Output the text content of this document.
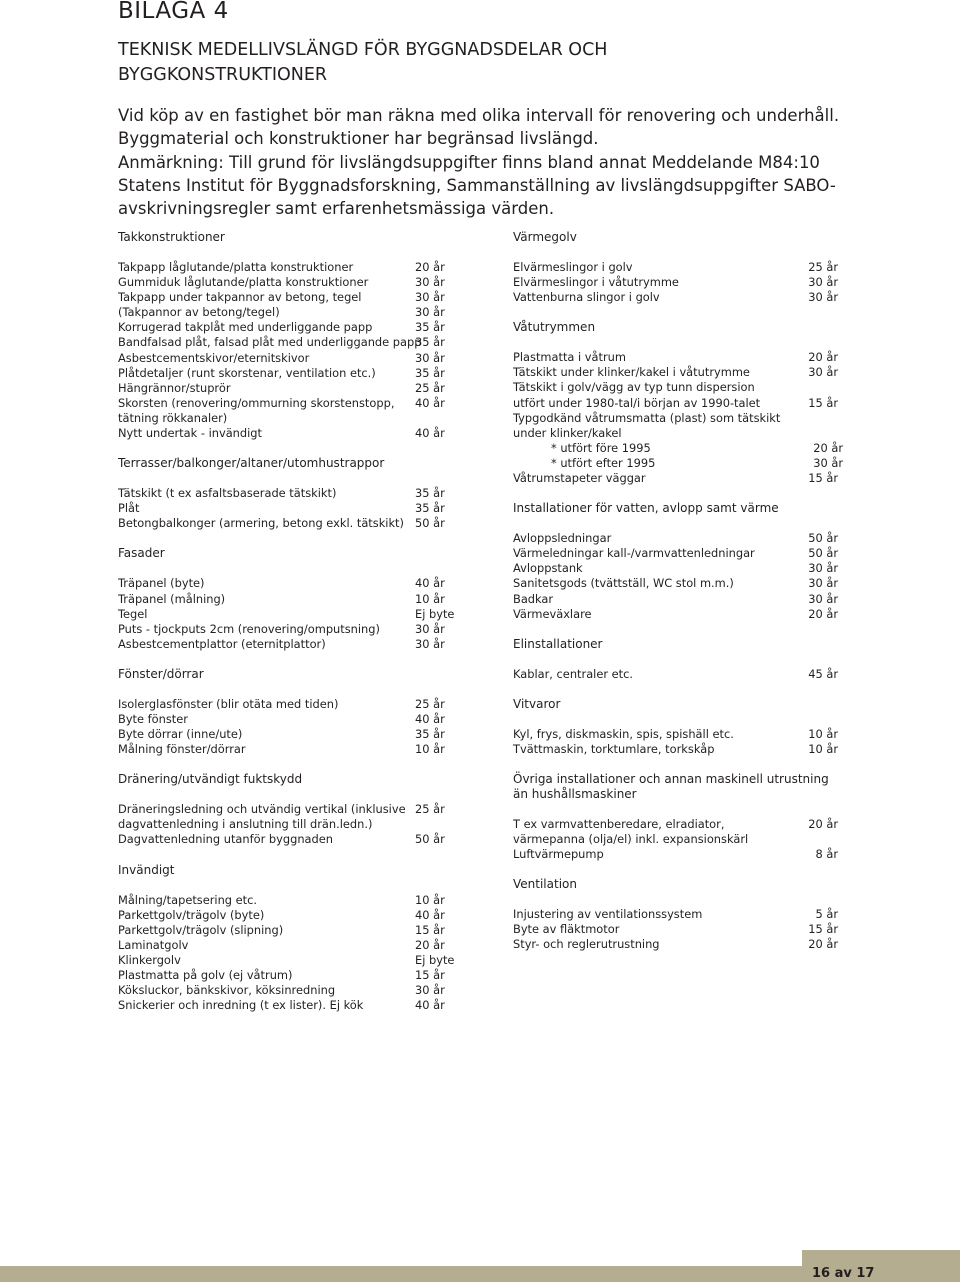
BILAGA 4
TEKNISK MEDELLIVSLÄNGD FÖR BYGGNADSDELAR OCH BYGGKONSTRUKTIONER

Vid köp av en fastighet bör man räkna med olika intervall för renovering och underhåll. Byggmaterial och konstruktioner har begränsad livslängd.

Anmärkning: Till grund för livslängdsuppgifter finns bland annat Meddelande M84:10 Statens Institut för Byggnadsforskning, Sammanställning av livslängdsuppgifter SABO-avskrivningsregler samt erfarenhetsmässiga värden.

Takkonstruktioner
Takpapp låglutande/platta konstruktioner	20 år
Gummiduk låglutande/platta konstruktioner	30 år
Takpapp under takpannor av betong, tegel	30 år
(Takpannor av betong/tegel)	30 år
Korrugerad takplåt med underliggande papp	35 år
Bandfalsad plåt, falsad plåt med underliggande papp
35 år
Asbestcementskivor/eternitskivor	30 år
Plåtdetaljer (runt skorstenar, ventilation etc.)	35 år
Hängrännor/stuprör	25 år
Skorsten (renovering/ommurning skorstenstopp, tätning rökkanaler)
40 år
Nytt undertak - invändigt	40 år
Terrasser/balkonger/altaner/utomhustrappor
Tätskikt (t ex asfaltsbaserade tätskikt)	35 år
Plåt	35 år
Betongbalkonger (armering, betong exkl. tätskikt) 50 år
Fasader
Träpanel (byte)	40 år
Träpanel (målning)	10 år
Tegel	Ej byte
Puts - tjockputs 2cm (renovering/omputsning)	30 år
Asbestcementplattor (eternitplattor)	30 år
Fönster/dörrar
Isolerglasfönster (blir otäta med tiden)	25 år
Byte fönster	40 år
Byte dörrar (inne/ute)	35 år
Målning fönster/dörrar	10 år
Dränering/utvändigt fuktskydd
Dräneringsledning och utvändig vertikal (inklusive dagvattenledning i anslutning till drän.ledn.)
25 år
Dagvattenledning utanför byggnaden	50 år
Invändigt
Målning/tapetsering etc.	10 år
Parkettgolv/trägolv (byte)	40 år
Parkettgolv/trägolv (slipning)	15 år
Laminatgolv	20 år
Klinkergolv	Ej byte
Plastmatta på golv (ej våtrum)	15 år
Köksluckor, bänkskivor, köksinredning	30 år
Snickerier och inredning (t ex lister). Ej kök	40 år
Värmegolv
Elvärmeslingor i golv	25 år
Elvärmeslingor i våtutrymme	30 år
Vattenburna slingor i golv	30 år
Våtutrymmen
Plastmatta i våtrum	20 år
Tätskikt under klinker/kakel i våtutrymme	30 år
Tätskikt i golv/vägg av typ tunn dispersion
utfört under 1980-tal/i början av 1990-talet	15 år
Typgodkänd våtrumsmatta (plast) som tätskikt under klinker/kakel
* utfört före 1995	20 år
* utfört efter 1995	30 år
Våtrumstapeter väggar	15 år
Installationer för vatten, avlopp samt värme
Avloppsledningar	50 år
Värmeledningar kall-/varmvattenledningar	50 år
Avloppstank	30 år
Sanitetsgods (tvättställ, WC stol m.m.)	30 år
Badkar	30 år
Värmeväxlare	20 år
Elinstallationer
Kablar, centraler etc.	45 år
Vitvaror
Kyl, frys, diskmaskin, spis, spishäll etc.	10 år
Tvättmaskin, torktumlare, torkskåp	10 år
Övriga installationer och annan maskinell utrustning än hushållsmaskiner
T ex varmvattenberedare, elradiator, värmepanna (olja/el) inkl. expansionskärl
20 år
Luftvärmepump	8 år
Ventilation
Injustering av ventilationssystem	5 år
Byte av fläktmotor	15 år
Styr- och reglerutrustning	20 år
16 av 17
